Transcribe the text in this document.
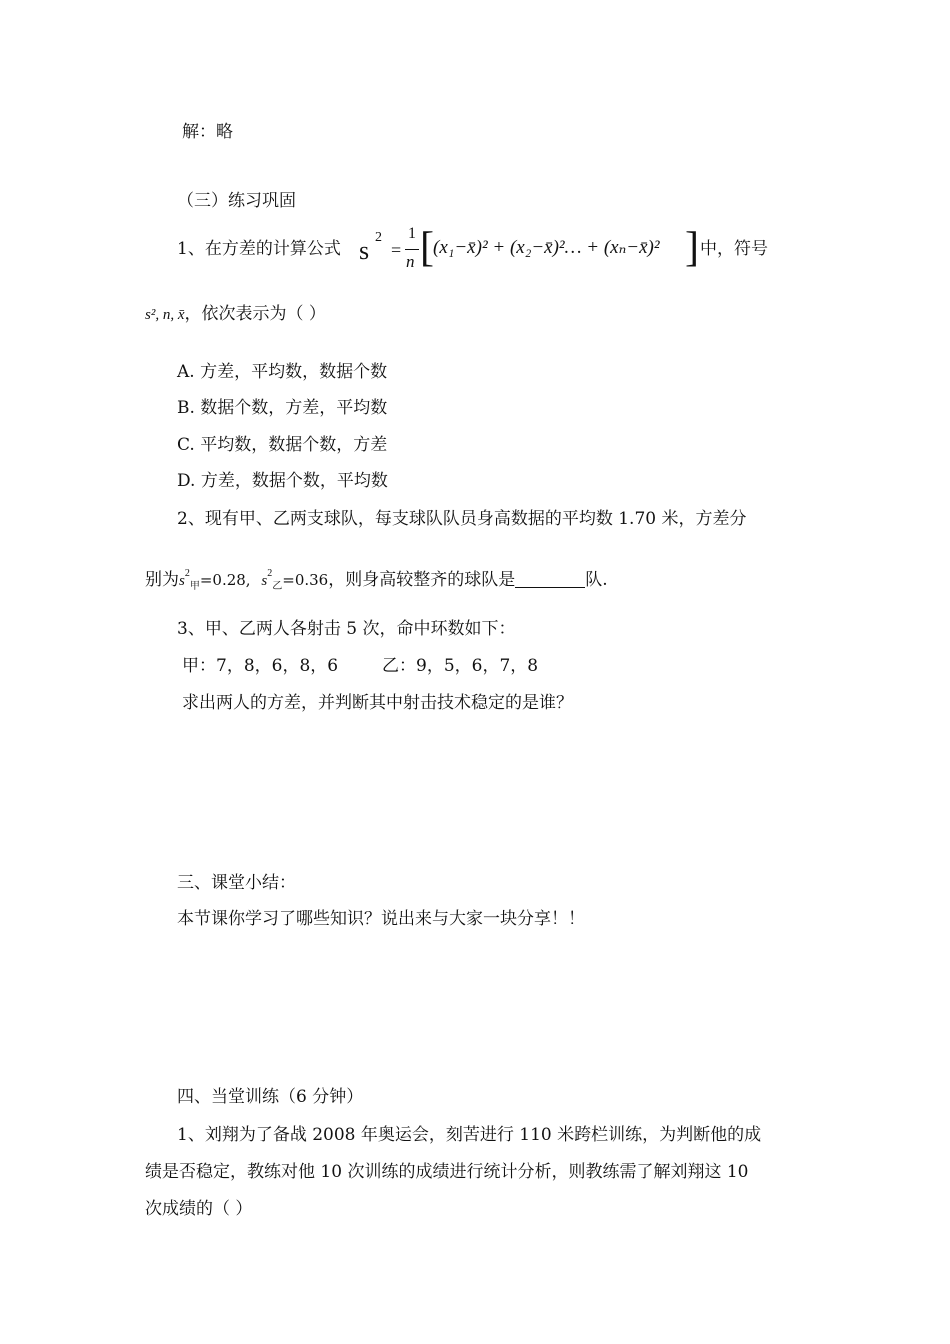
解：略
（三）练习巩固
1、在方差的计算公式 s 2
=
1
n [ (x₁−x̄)² + (x₂−x̄)²… + (xₙ−x̄)² ] 中，符号
s², n, x̄，依次表示为（ ）
A. 方差，平均数，数据个数
B. 数据个数，方差，平均数
C. 平均数，数据个数，方差
D. 方差，数据个数，平均数
2、现有甲、乙两支球队，每支球队队员身高数据的平均数 1.70 米，方差分
别为$s^2_甲=0.28$, $s^2_乙=0.36$，则身高较整齐的球队是	队.
3、甲、乙两人各射击 5 次，命中环数如下：
甲：7，8，6，8，6	乙：9，5，6，7，8
求出两人的方差，并判断其中射击技术稳定的是谁？
三、课堂小结：
本节课你学习了哪些知识？说出来与大家一块分享！！
四、当堂训练（6 分钟）
1、刘翔为了备战 2008 年奥运会，刻苦进行 110 米跨栏训练，为判断他的成
绩是否稳定，教练对他 10 次训练的成绩进行统计分析，则教练需了解刘翔这 10
次成绩的（ ）
